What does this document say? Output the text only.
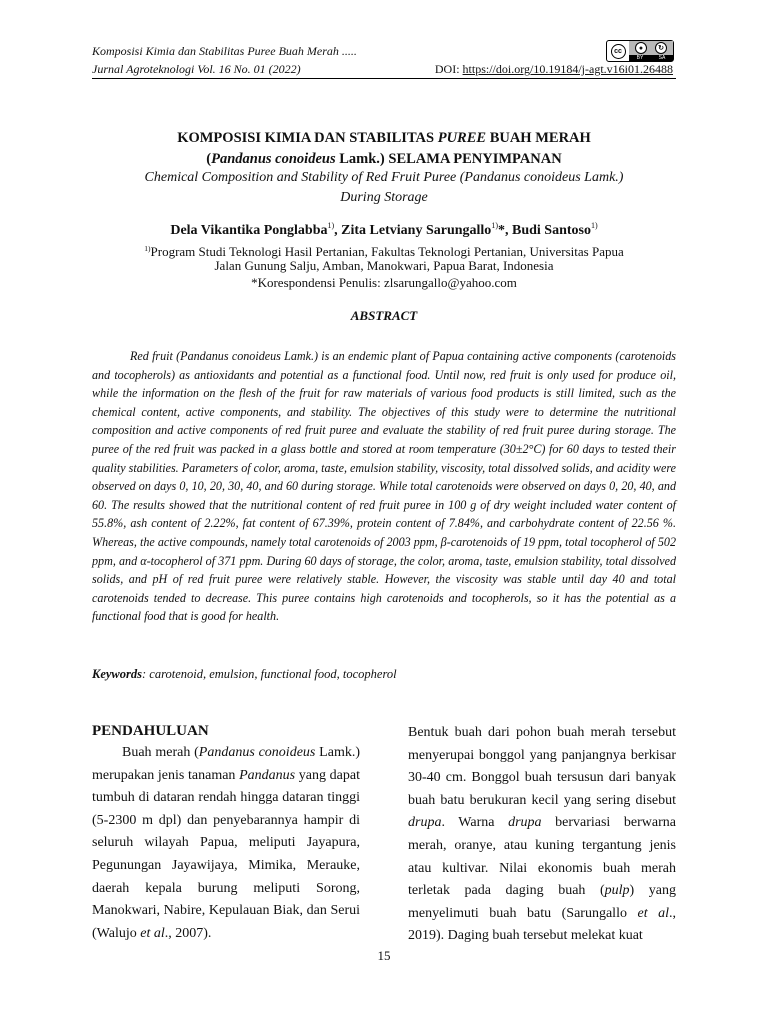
Komposisi Kimia dan Stabilitas Puree Buah Merah .....
Jurnal Agroteknologi Vol. 16 No. 01 (2022)	DOI: https://doi.org/10.19184/j-agt.v16i01.26488
cc	●	↻
BY	SA
KOMPOSISI KIMIA DAN STABILITAS PUREE BUAH MERAH
(Pandanus conoideus Lamk.) SELAMA PENYIMPANAN
Chemical Composition and Stability of Red Fruit Puree (Pandanus conoideus Lamk.)
During Storage
Dela Vikantika Ponglabba$^{1)}$, Zita Letviany Sarungallo$^{1)}$*, Budi Santoso$^{1)}$
$^{1)}$Program Studi Teknologi Hasil Pertanian, Fakultas Teknologi Pertanian, Universitas Papua
Jalan Gunung Salju, Amban, Manokwari, Papua Barat, Indonesia
*Korespondensi Penulis: zlsarungallo@yahoo.com
ABSTRACT

Red fruit (Pandanus conoideus Lamk.) is an endemic plant of Papua containing active components (carotenoids and tocopherols) as antioxidants and potential as a functional food. Until now, red fruit is only used for produce oil, while the information on the flesh of the fruit for raw materials of various food products is still limited, such as the chemical content, active components, and stability. The objectives of this study were to determine the nutritional composition and active components of red fruit puree and evaluate the stability of red fruit puree during storage. The puree of the red fruit was packed in a glass bottle and stored at room temperature (30±2°C) for 60 days to tested their quality stabilities. Parameters of color, aroma, taste, emulsion stability, viscosity, total dissolved solids, and acidity were observed on days 0, 10, 20, 30, 40, and 60 during storage. While total carotenoids were observed on days 0, 20, 40, and 60. The results showed that the nutritional content of red fruit puree in 100 g of dry weight included water content of 55.8%, ash content of 2.22%, fat content of 67.39%, protein content of 7.84%, and carbohydrate content of 22.56 %. Whereas, the active compounds, namely total carotenoids of 2003 ppm, β-carotenoids of 19 ppm, total tocopherol of 502 ppm, and α-tocopherol of 371 ppm. During 60 days of storage, the color, aroma, taste, emulsion stability, total dissolved solids, and pH of red fruit puree were relatively stable. However, the viscosity was stable until day 40 and total carotenoids tended to decrease. This puree contains high carotenoids and tocopherols, so it has the potential as a functional food that is good for health.

Keywords: carotenoid, emulsion, functional food, tocopherol
PENDAHULUAN

Buah merah (Pandanus conoideus Lamk.) merupakan jenis tanaman Pandanus yang dapat tumbuh di dataran rendah hingga dataran tinggi (5-2300 m dpl) dan penyebarannya hampir di seluruh wilayah Papua, meliputi Jayapura, Pegunungan Jayawijaya, Mimika, Merauke, daerah kepala burung meliputi Sorong, Manokwari, Nabire, Kepulauan Biak, dan Serui (Walujo et al., 2007).

Bentuk buah dari pohon buah merah tersebut menyerupai bonggol yang panjangnya berkisar 30-40 cm. Bonggol buah tersusun dari banyak buah batu berukuran kecil yang sering disebut drupa. Warna drupa bervariasi berwarna merah, oranye, atau kuning tergantung jenis atau kultivar. Nilai ekonomis buah merah terletak pada daging buah (pulp) yang menyelimuti buah batu (Sarungallo et al., 2019). Daging buah tersebut melekat kuat

15
